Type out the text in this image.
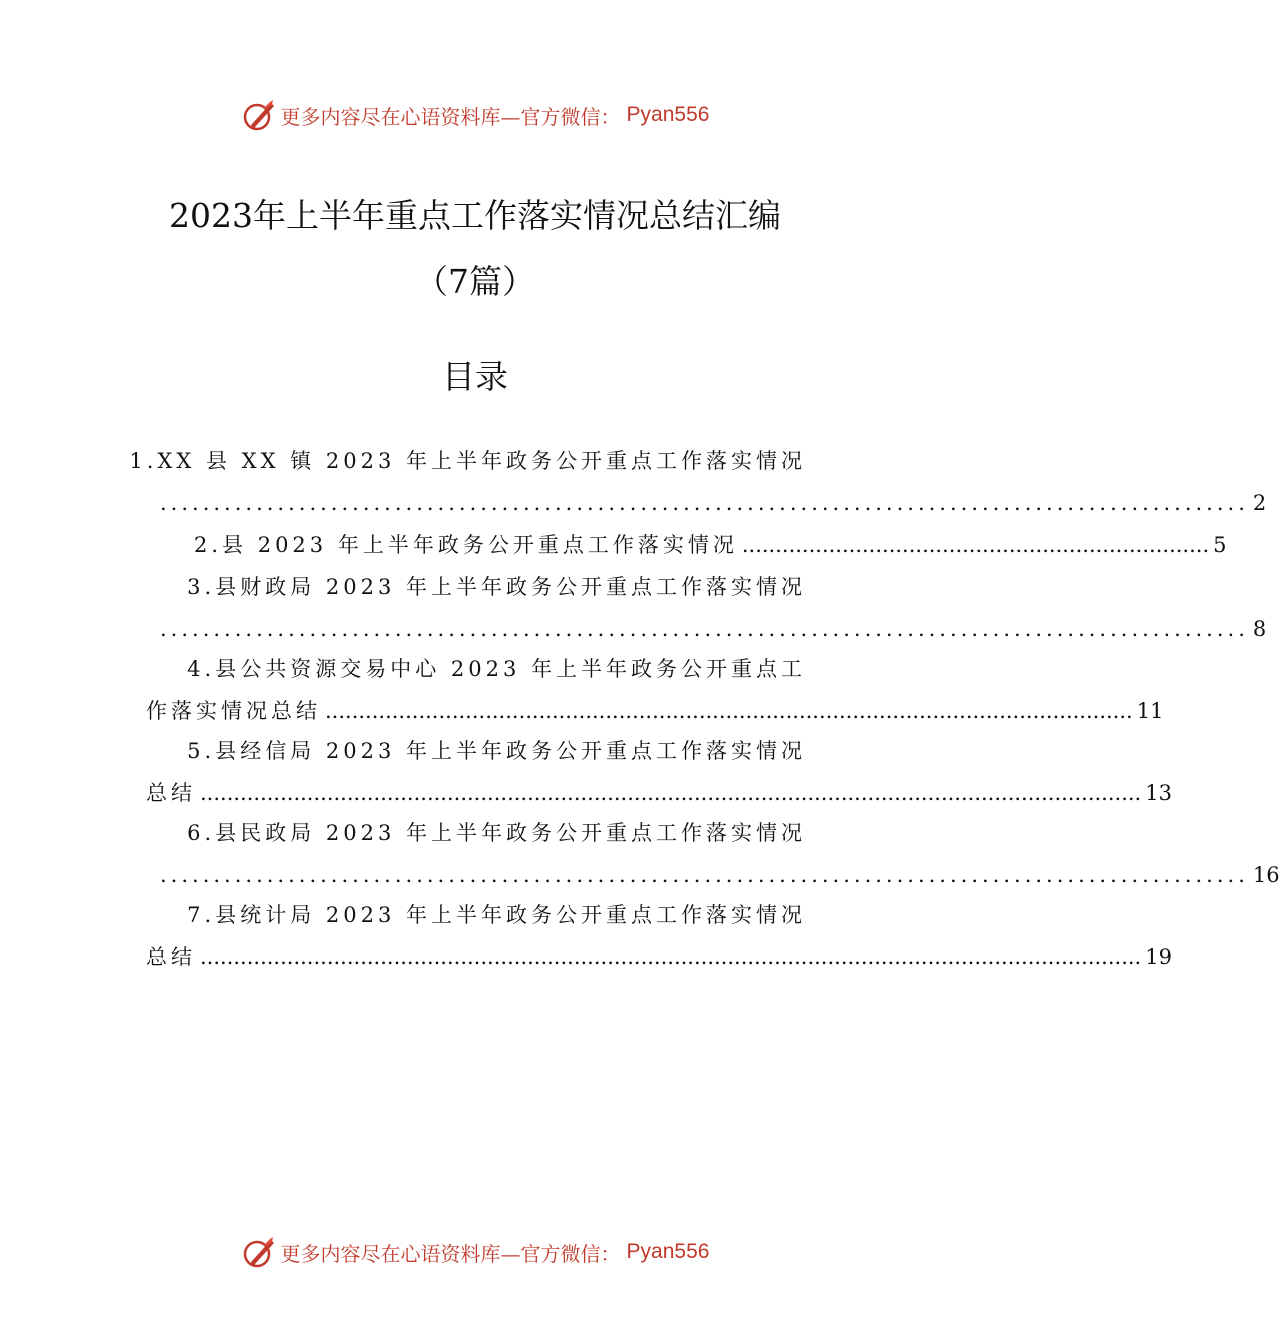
更多内容尽在心语资料库—官方微信： Pyan556
2023年上半年重点工作落实情况总结汇编
（7篇）
目录
1.XX 县 XX 镇 2023 年上半年政务公开重点工作落实情况
...................................................................................................... 2
2.县 2023 年上半年政务公开重点工作落实情况 ...................................................................... 5
3.县财政局 2023 年上半年政务公开重点工作落实情况
...................................................................................................... 8
4.县公共资源交易中心 2023 年上半年政务公开重点工
作落实情况总结 ......................................................................................................................... 11
5.县经信局 2023 年上半年政务公开重点工作落实情况
总结 ............................................................................................................................................. 13
6.县民政局 2023 年上半年政务公开重点工作落实情况
...................................................................................................... 16
7.县统计局 2023 年上半年政务公开重点工作落实情况
总结 ............................................................................................................................................. 19
更多内容尽在心语资料库—官方微信： Pyan556
